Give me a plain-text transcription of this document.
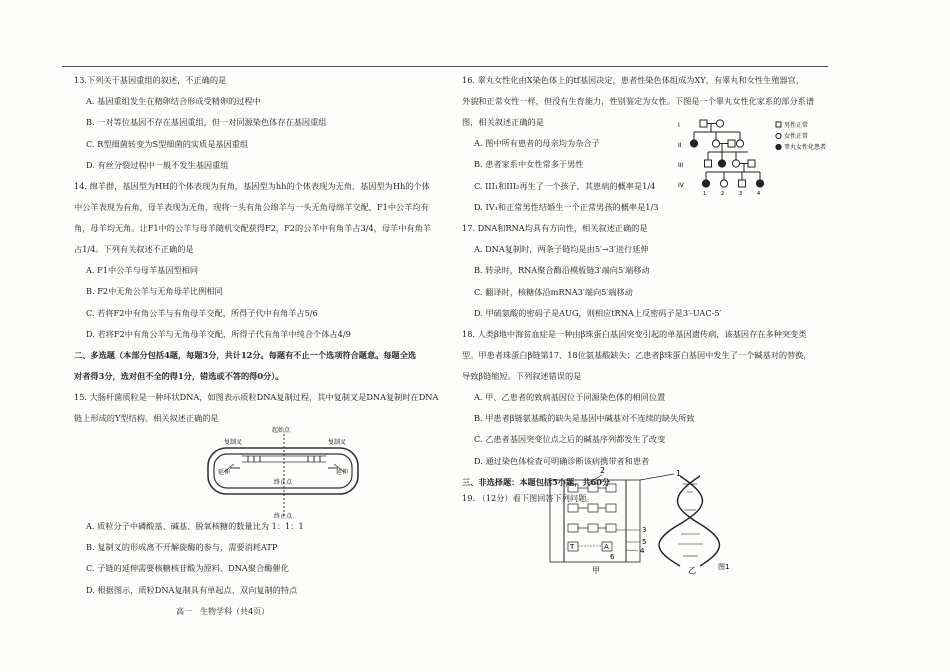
13.下列关于基因重组的叙述，不正确的是

A. 基因重组发生在精卵结合形成受精卵的过程中

B. 一对等位基因不存在基因重组，但一对同源染色体存在基因重组

C. R型细菌转变为S型细菌的实质是基因重组

D. 有丝分裂过程中一般不发生基因重组

14. 绵羊群，基因型为HH的个体表现为有角，基因型为hh的个体表现为无角，基因型为Hh的个体

中公羊表现为有角，母羊表现为无角，现将一头有角公绵羊与一头无角母绵羊交配，F1中公羊均有

角，母羊均无角。让F1中的公羊与母羊随机交配获得F2，F2的公羊中有角羊占3/4，母羊中有角羊

占1/4。下列有关叙述不正确的是

A. F1中公羊与母羊基因型相同

B. F2中无角公羊与无角母羊比例相同

C. 若将F2中有角公羊与有角母羊交配，所得子代中有角羊占5/6

D. 若将F2中有角公羊与无角母羊交配，所得子代有角羊中纯合个体占4/9

二、多选题（本部分包括4题，每题3分，共计12分。每题有不止一个选项符合题意。每题全选

对者得3分，选对但不全的得1分，错选或不答的得0分）。

15. 大肠杆菌质粒是一种环状DNA，如图表示质粒DNA复制过程，其中复制叉是DNA复制时在DNA

链上形成的Y型结构。相关叙述正确的是

起始点
复制叉	复制叉
延伸	延伸
终止点
终止点

A. 质粒分子中磷酸基、碱基、脱氧核糖的数量比为 1：1：1

B. 复制叉的形成离不开解旋酶的参与，需要消耗ATP

C. 子链的延伸需要核糖核苷酸为原料、DNA聚合酶催化

D. 根据图示，质粒DNA复制具有单起点、双向复制的特点

16. 睾丸女性化由X染色体上的tf基因决定，患者性染色体组成为XY，有睾丸和女性生殖器官，

外貌和正常女性一样，但没有生育能力，性别鉴定为女性。下图是一个睾丸女性化家系的部分系谱

图，相关叙述正确的是

A. 图中所有患者的母亲均为杂合子

B. 患者家系中女性常多于男性

C. III₁和III₂再生了一个孩子，其患病的概率是1/4

D. IV₁和正常男性结婚生一个正常男孩的概率是1/3

17. DNA和RNA均具有方向性，相关叙述正确的是

A. DNA复制时，两条子链均是由5′→3′进行延伸

B. 转录时，RNA聚合酶沿模板链3′端向5′端移动

C. 翻译时，核糖体沿mRNA3′端向5′端移动

D. 甲硫氨酸的密码子是AUG，则相应tRNA上反密码子是3′-UAC-5′

18. 人类β地中海贫血症是一种由β珠蛋白基因突变引起的单基因遗传病，该基因存在多种突变类

型。甲患者珠蛋白β链第17、18位氨基酸缺失；乙患者β珠蛋白基因中发生了一个碱基对的替换，

导致β链缩短。下列叙述错误的是

A. 甲、乙患者的致病基因位于同源染色体的相同位置

B. 甲患者β链氨基酸的缺失是基因中碱基对不连续的缺失所致

C. 乙患者基因突变位点之后的碱基序列都发生了改变

D. 通过染色体检查可明确诊断该病携带者和患者

三、非选择题：本题包括5小题，共60分

19. （12分）看下图回答下列问题。

I
II
III
IV
1	2	3	4
男性正常
女性正常
睾丸女性化患者
2	1
T	A
3
5
4
6
甲	乙	图1
高一　生物学科（共4页）
